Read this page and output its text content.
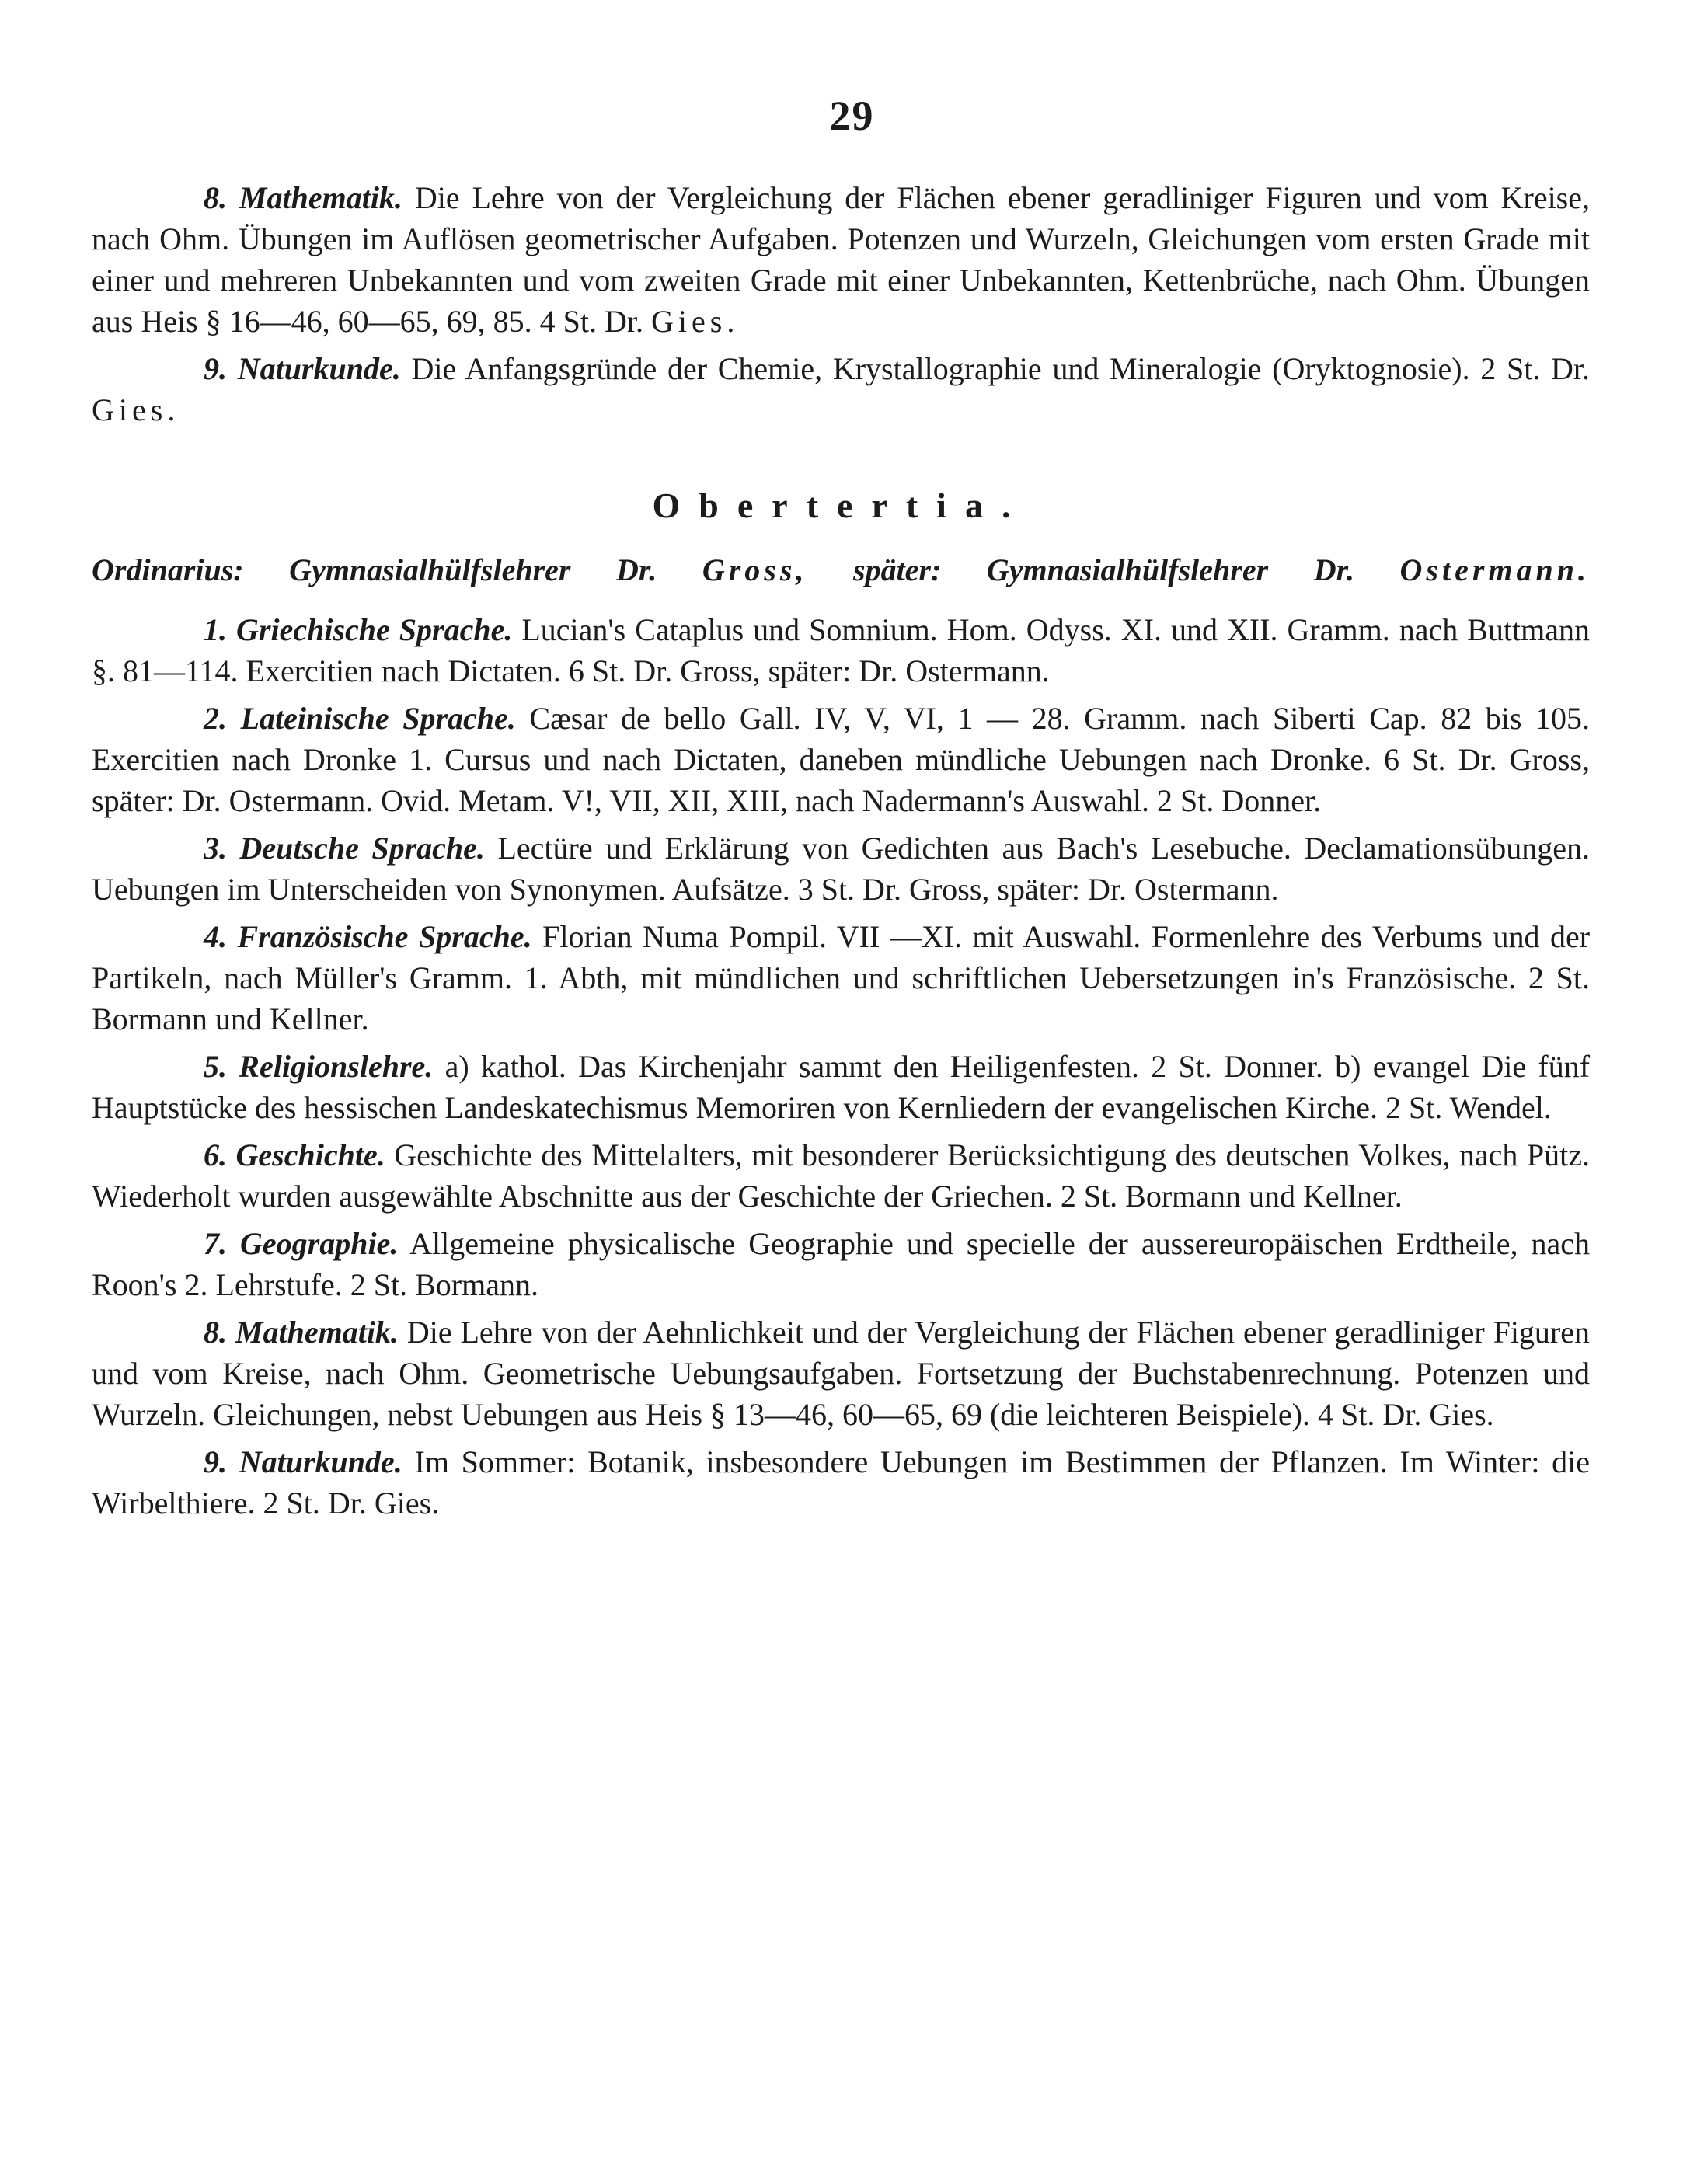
29

8. Mathematik. Die Lehre von der Vergleichung der Flächen ebener geradliniger Figuren und vom Kreise, nach Ohm. Übungen im Auflösen geometrischer Aufgaben. Potenzen und Wurzeln, Gleichungen vom ersten Grade mit einer und mehreren Unbekannten und vom zweiten Grade mit einer Unbekannten, Kettenbrüche, nach Ohm. Übungen aus Heis § 16—46, 60—65, 69, 85. 4 St. Dr. Gies.

9. Naturkunde. Die Anfangsgründe der Chemie, Krystallographie und Mineralogie (Oryktognosie). 2 St. Dr. Gies.

Obertertia.

Ordinarius: Gymnasialhülfslehrer Dr. Gross, später: Gymnasialhülfslehrer Dr. Ostermann.

1. Griechische Sprache. Lucian's Cataplus und Somnium. Hom. Odyss. XI. und XII. Gramm. nach Buttmann §. 81—114. Exercitien nach Dictaten. 6 St. Dr. Gross, später: Dr. Ostermann.

2. Lateinische Sprache. Cæsar de bello Gall. IV, V, VI, 1 — 28. Gramm. nach Siberti Cap. 82 bis 105. Exercitien nach Dronke 1. Cursus und nach Dictaten, daneben mündliche Uebungen nach Dronke. 6 St. Dr. Gross, später: Dr. Ostermann. Ovid. Metam. V!, VII, XII, XIII, nach Nadermann's Auswahl. 2 St. Donner.

3. Deutsche Sprache. Lectüre und Erklärung von Gedichten aus Bach's Lesebuche. Declamationsübungen. Uebungen im Unterscheiden von Synonymen. Aufsätze. 3 St. Dr. Gross, später: Dr. Ostermann.

4. Französische Sprache. Florian Numa Pompil. VII —XI. mit Auswahl. Formenlehre des Verbums und der Partikeln, nach Müller's Gramm. 1. Abth, mit mündlichen und schriftlichen Uebersetzungen in's Französische. 2 St. Bormann und Kellner.

5. Religionslehre. a) kathol. Das Kirchenjahr sammt den Heiligenfesten. 2 St. Donner. b) evangel Die fünf Hauptstücke des hessischen Landeskatechismus Memoriren von Kernliedern der evangelischen Kirche. 2 St. Wendel.

6. Geschichte. Geschichte des Mittelalters, mit besonderer Berücksichtigung des deutschen Volkes, nach Pütz. Wiederholt wurden ausgewählte Abschnitte aus der Geschichte der Griechen. 2 St. Bormann und Kellner.

7. Geographie. Allgemeine physicalische Geographie und specielle der aussereuropäischen Erdtheile, nach Roon's 2. Lehrstufe. 2 St. Bormann.

8. Mathematik. Die Lehre von der Aehnlichkeit und der Vergleichung der Flächen ebener geradliniger Figuren und vom Kreise, nach Ohm. Geometrische Uebungsaufgaben. Fortsetzung der Buchstabenrechnung. Potenzen und Wurzeln. Gleichungen, nebst Uebungen aus Heis § 13—46, 60—65, 69 (die leichteren Beispiele). 4 St. Dr. Gies.

9. Naturkunde. Im Sommer: Botanik, insbesondere Uebungen im Bestimmen der Pflanzen. Im Winter: die Wirbelthiere. 2 St. Dr. Gies.
